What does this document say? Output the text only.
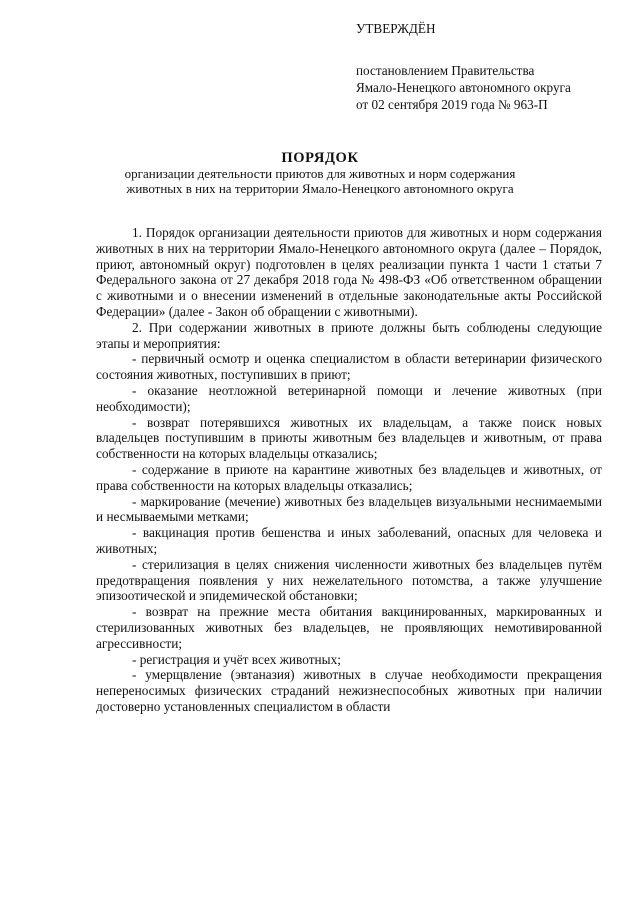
УТВЕРЖДЁН
постановлением Правительства
Ямало-Ненецкого автономного округа
от 02 сентября 2019 года № 963-П
ПОРЯДОК
организации деятельности приютов для животных и норм содержания
животных в них на территории Ямало-Ненецкого автономного округа

1. Порядок организации деятельности приютов для животных и норм содержания животных в них на территории Ямало-Ненецкого автономного округа (далее – Порядок, приют, автономный округ) подготовлен в целях реализации пункта 1 части 1 статьи 7 Федерального закона от 27 декабря 2018 года № 498-ФЗ «Об ответственном обращении с животными и о внесении изменений в отдельные законодательные акты Российской Федерации» (далее - Закон об обращении с животными).

2. При содержании животных в приюте должны быть соблюдены следующие этапы и мероприятия:

- первичный осмотр и оценка специалистом в области ветеринарии физического состояния животных, поступивших в приют;

- оказание неотложной ветеринарной помощи и лечение животных (при необходимости);

- возврат потерявшихся животных их владельцам, а также поиск новых владельцев поступившим в приюты животным без владельцев и животным, от права собственности на которых владельцы отказались;

- содержание в приюте на карантине животных без владельцев и животных, от права собственности на которых владельцы отказались;

- маркирование (мечение) животных без владельцев визуальными неснимаемыми и несмываемыми метками;

- вакцинация против бешенства и иных заболеваний, опасных для человека и животных;

- стерилизация в целях снижения численности животных без владельцев путём предотвращения появления у них нежелательного потомства, а также улучшение эпизоотической и эпидемической обстановки;

- возврат на прежние места обитания вакцинированных, маркированных и стерилизованных животных без владельцев, не проявляющих немотивированной агрессивности;

- регистрация и учёт всех животных;

- умерщвление (эвтаназия) животных в случае необходимости прекращения непереносимых физических страданий нежизнеспособных животных при наличии достоверно установленных специалистом в области
